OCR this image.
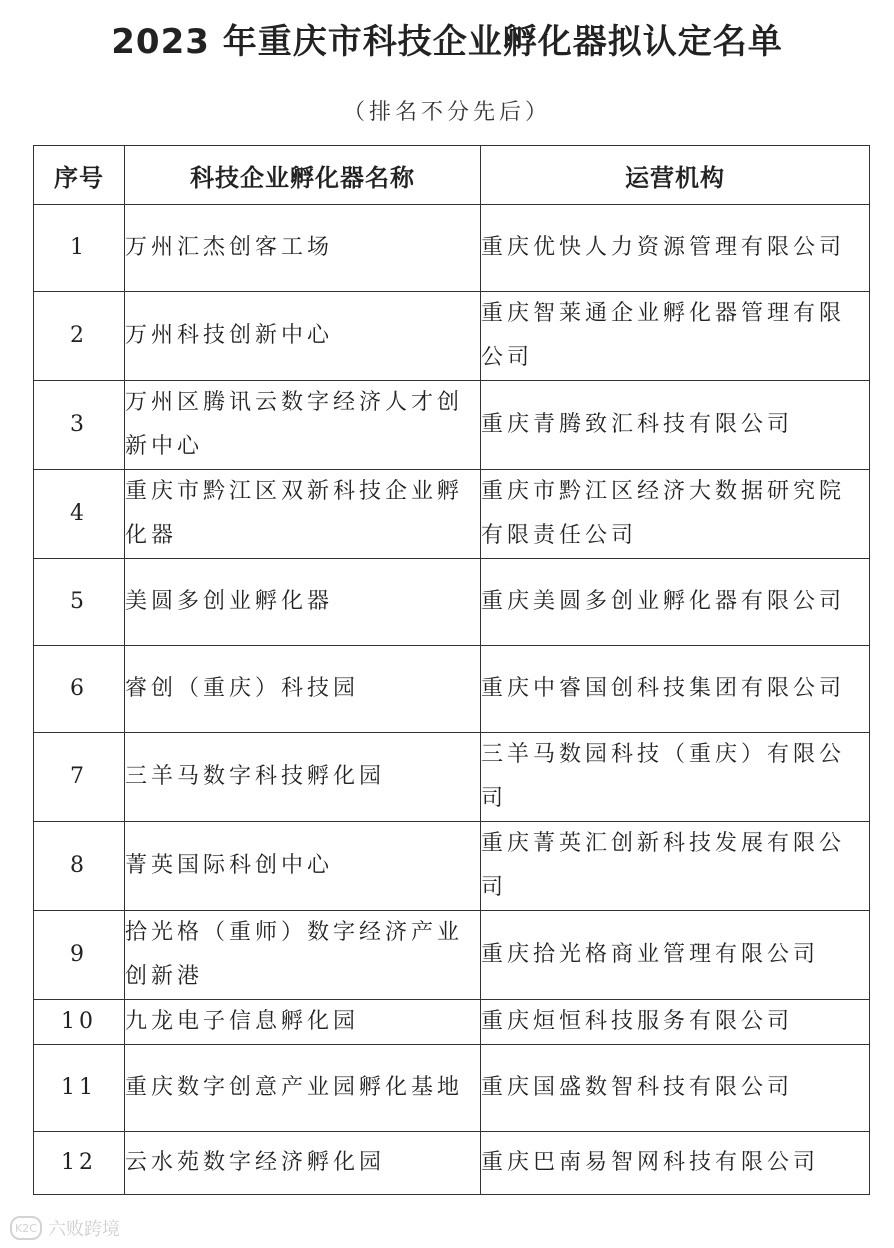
2023 年重庆市科技企业孵化器拟认定名单
（排名不分先后）
序号	科技企业孵化器名称	运营机构
1	万州汇杰创客工场	重庆优快人力资源管理有限公司
2	万州科技创新中心	重庆智莱通企业孵化器管理有限公司
3	万州区腾讯云数字经济人才创新中心	重庆青腾致汇科技有限公司
4	重庆市黔江区双新科技企业孵化器	重庆市黔江区经济大数据研究院有限责任公司
5	美圆多创业孵化器	重庆美圆多创业孵化器有限公司
6	睿创（重庆）科技园	重庆中睿国创科技集团有限公司
7	三羊马数字科技孵化园	三羊马数园科技（重庆）有限公司
8	菁英国际科创中心	重庆菁英汇创新科技发展有限公司
9	拾光格（重师）数字经济产业创新港	重庆拾光格商业管理有限公司
10	九龙电子信息孵化园	重庆烜恒科技服务有限公司
11	重庆数字创意产业园孵化基地	重庆国盛数智科技有限公司
12	云水苑数字经济孵化园	重庆巴南易智网科技有限公司
K2C 六败跨境
